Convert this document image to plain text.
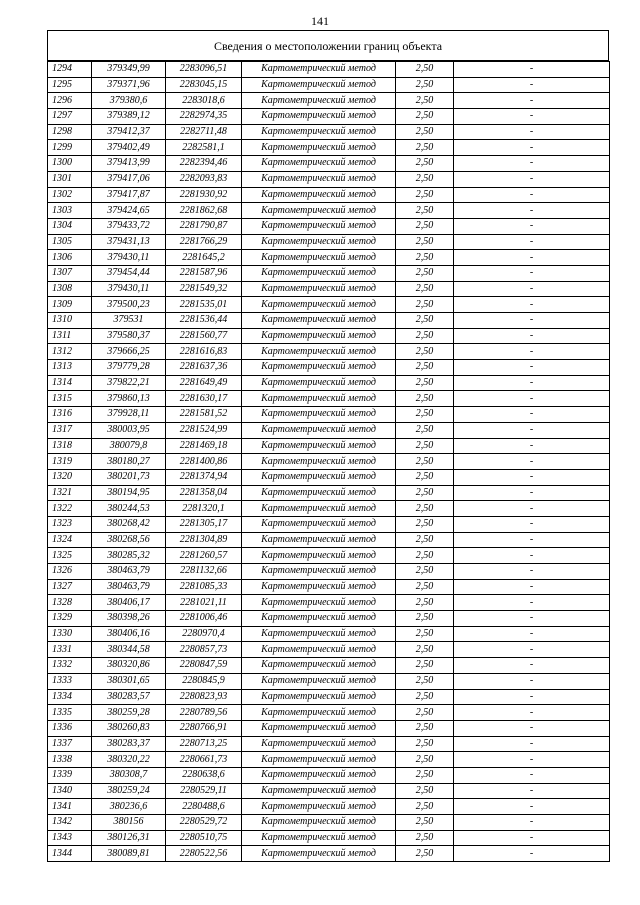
141
Сведения о местоположении границ объекта
1294	379349,99	2283096,51	Картометрический метод	2,50	-
1295	379371,96	2283045,15	Картометрический метод	2,50	-
1296	379380,6	2283018,6	Картометрический метод	2,50	-
1297	379389,12	2282974,35	Картометрический метод	2,50	-
1298	379412,37	2282711,48	Картометрический метод	2,50	-
1299	379402,49	2282581,1	Картометрический метод	2,50	-
1300	379413,99	2282394,46	Картометрический метод	2,50	-
1301	379417,06	2282093,83	Картометрический метод	2,50	-
1302	379417,87	2281930,92	Картометрический метод	2,50	-
1303	379424,65	2281862,68	Картометрический метод	2,50	-
1304	379433,72	2281790,87	Картометрический метод	2,50	-
1305	379431,13	2281766,29	Картометрический метод	2,50	-
1306	379430,11	2281645,2	Картометрический метод	2,50	-
1307	379454,44	2281587,96	Картометрический метод	2,50	-
1308	379430,11	2281549,32	Картометрический метод	2,50	-
1309	379500,23	2281535,01	Картометрический метод	2,50	-
1310	379531	2281536,44	Картометрический метод	2,50	-
1311	379580,37	2281560,77	Картометрический метод	2,50	-
1312	379666,25	2281616,83	Картометрический метод	2,50	-
1313	379779,28	2281637,36	Картометрический метод	2,50	-
1314	379822,21	2281649,49	Картометрический метод	2,50	-
1315	379860,13	2281630,17	Картометрический метод	2,50	-
1316	379928,11	2281581,52	Картометрический метод	2,50	-
1317	380003,95	2281524,99	Картометрический метод	2,50	-
1318	380079,8	2281469,18	Картометрический метод	2,50	-
1319	380180,27	2281400,86	Картометрический метод	2,50	-
1320	380201,73	2281374,94	Картометрический метод	2,50	-
1321	380194,95	2281358,04	Картометрический метод	2,50	-
1322	380244,53	2281320,1	Картометрический метод	2,50	-
1323	380268,42	2281305,17	Картометрический метод	2,50	-
1324	380268,56	2281304,89	Картометрический метод	2,50	-
1325	380285,32	2281260,57	Картометрический метод	2,50	-
1326	380463,79	2281132,66	Картометрический метод	2,50	-
1327	380463,79	2281085,33	Картометрический метод	2,50	-
1328	380406,17	2281021,11	Картометрический метод	2,50	-
1329	380398,26	2281006,46	Картометрический метод	2,50	-
1330	380406,16	2280970,4	Картометрический метод	2,50	-
1331	380344,58	2280857,73	Картометрический метод	2,50	-
1332	380320,86	2280847,59	Картометрический метод	2,50	-
1333	380301,65	2280845,9	Картометрический метод	2,50	-
1334	380283,57	2280823,93	Картометрический метод	2,50	-
1335	380259,28	2280789,56	Картометрический метод	2,50	-
1336	380260,83	2280766,91	Картометрический метод	2,50	-
1337	380283,37	2280713,25	Картометрический метод	2,50	-
1338	380320,22	2280661,73	Картометрический метод	2,50	-
1339	380308,7	2280638,6	Картометрический метод	2,50	-
1340	380259,24	2280529,11	Картометрический метод	2,50	-
1341	380236,6	2280488,6	Картометрический метод	2,50	-
1342	380156	2280529,72	Картометрический метод	2,50	-
1343	380126,31	2280510,75	Картометрический метод	2,50	-
1344	380089,81	2280522,56	Картометрический метод	2,50	-
